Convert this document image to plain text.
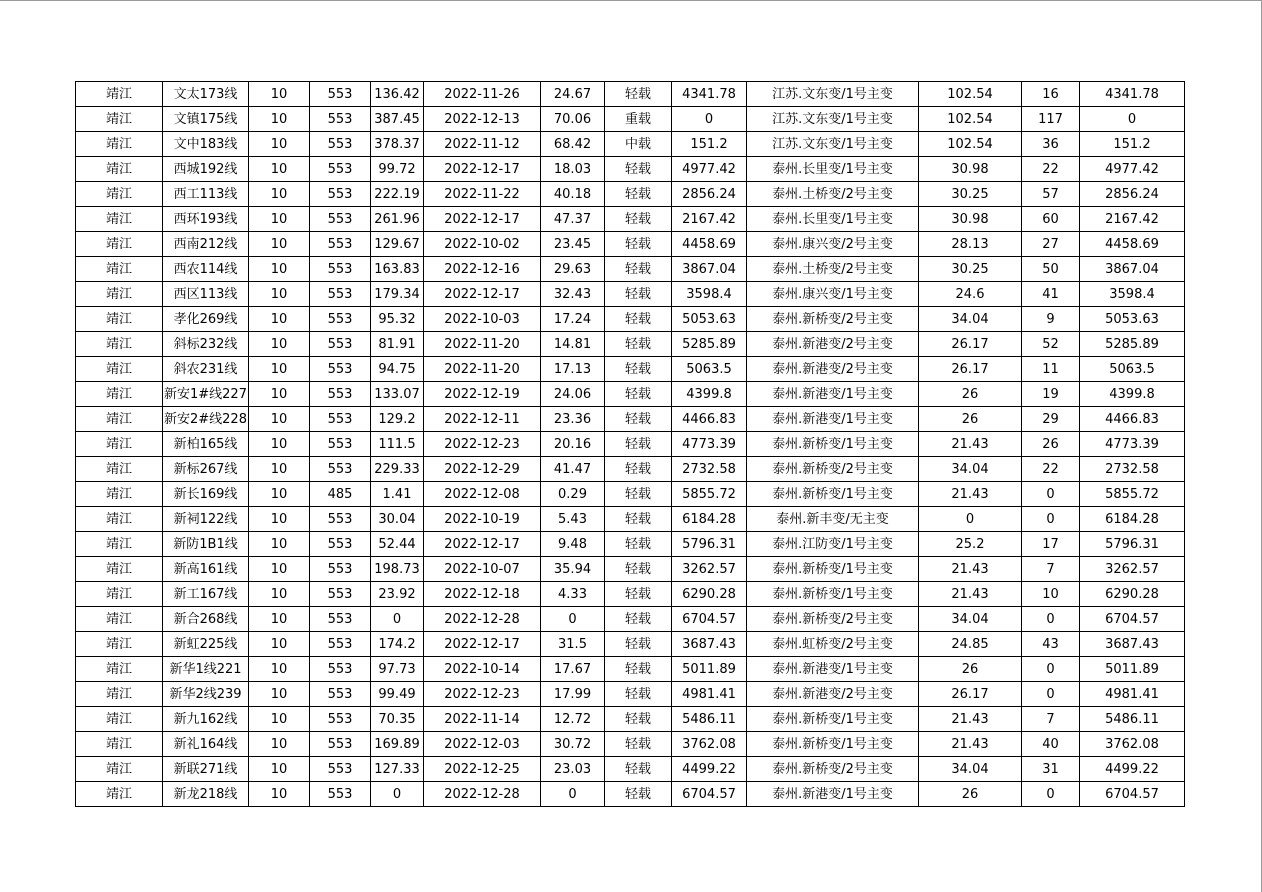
靖江	文太173线	10	553	136.42	2022-11-26	24.67	轻载	4341.78	江苏.文东变/1号主变	102.54	16	4341.78

靖江	文镇175线	10	553	387.45	2022-12-13	70.06	重载	0	江苏.文东变/1号主变	102.54	117	0

靖江	文中183线	10	553	378.37	2022-11-12	68.42	中载	151.2	江苏.文东变/1号主变	102.54	36	151.2

靖江	西城192线	10	553	99.72	2022-12-17	18.03	轻载	4977.42	泰州.长里变/1号主变	30.98	22	4977.42

靖江	西工113线	10	553	222.19	2022-11-22	40.18	轻载	2856.24	泰州.土桥变/2号主变	30.25	57	2856.24

靖江	西环193线	10	553	261.96	2022-12-17	47.37	轻载	2167.42	泰州.长里变/1号主变	30.98	60	2167.42

靖江	西南212线	10	553	129.67	2022-10-02	23.45	轻载	4458.69	泰州.康兴变/2号主变	28.13	27	4458.69

靖江	西农114线	10	553	163.83	2022-12-16	29.63	轻载	3867.04	泰州.土桥变/2号主变	30.25	50	3867.04

靖江	西区113线	10	553	179.34	2022-12-17	32.43	轻载	3598.4	泰州.康兴变/1号主变	24.6	41	3598.4

靖江	孝化269线	10	553	95.32	2022-10-03	17.24	轻载	5053.63	泰州.新桥变/2号主变	34.04	9	5053.63

靖江	斜标232线	10	553	81.91	2022-11-20	14.81	轻载	5285.89	泰州.新港变/2号主变	26.17	52	5285.89

靖江	斜农231线	10	553	94.75	2022-11-20	17.13	轻载	5063.5	泰州.新港变/2号主变	26.17	11	5063.5

靖江	新安1#线227	10	553	133.07	2022-12-19	24.06	轻载	4399.8	泰州.新港变/1号主变	26	19	4399.8

靖江	新安2#线228	10	553	129.2	2022-12-11	23.36	轻载	4466.83	泰州.新港变/1号主变	26	29	4466.83

靖江	新柏165线	10	553	111.5	2022-12-23	20.16	轻载	4773.39	泰州.新桥变/1号主变	21.43	26	4773.39

靖江	新标267线	10	553	229.33	2022-12-29	41.47	轻载	2732.58	泰州.新桥变/2号主变	34.04	22	2732.58

靖江	新长169线	10	485	1.41	2022-12-08	0.29	轻载	5855.72	泰州.新桥变/1号主变	21.43	0	5855.72

靖江	新祠122线	10	553	30.04	2022-10-19	5.43	轻载	6184.28	泰州.新丰变/无主变	0	0	6184.28

靖江	新防1B1线	10	553	52.44	2022-12-17	9.48	轻载	5796.31	泰州.江防变/1号主变	25.2	17	5796.31

靖江	新高161线	10	553	198.73	2022-10-07	35.94	轻载	3262.57	泰州.新桥变/1号主变	21.43	7	3262.57

靖江	新工167线	10	553	23.92	2022-12-18	4.33	轻载	6290.28	泰州.新桥变/1号主变	21.43	10	6290.28

靖江	新合268线	10	553	0	2022-12-28	0	轻载	6704.57	泰州.新桥变/2号主变	34.04	0	6704.57

靖江	新虹225线	10	553	174.2	2022-12-17	31.5	轻载	3687.43	泰州.虹桥变/2号主变	24.85	43	3687.43

靖江	新华1线221	10	553	97.73	2022-10-14	17.67	轻载	5011.89	泰州.新港变/1号主变	26	0	5011.89

靖江	新华2线239	10	553	99.49	2022-12-23	17.99	轻载	4981.41	泰州.新港变/2号主变	26.17	0	4981.41

靖江	新九162线	10	553	70.35	2022-11-14	12.72	轻载	5486.11	泰州.新桥变/1号主变	21.43	7	5486.11

靖江	新礼164线	10	553	169.89	2022-12-03	30.72	轻载	3762.08	泰州.新桥变/1号主变	21.43	40	3762.08

靖江	新联271线	10	553	127.33	2022-12-25	23.03	轻载	4499.22	泰州.新桥变/2号主变	34.04	31	4499.22

靖江	新龙218线	10	553	0	2022-12-28	0	轻载	6704.57	泰州.新港变/1号主变	26	0	6704.57
